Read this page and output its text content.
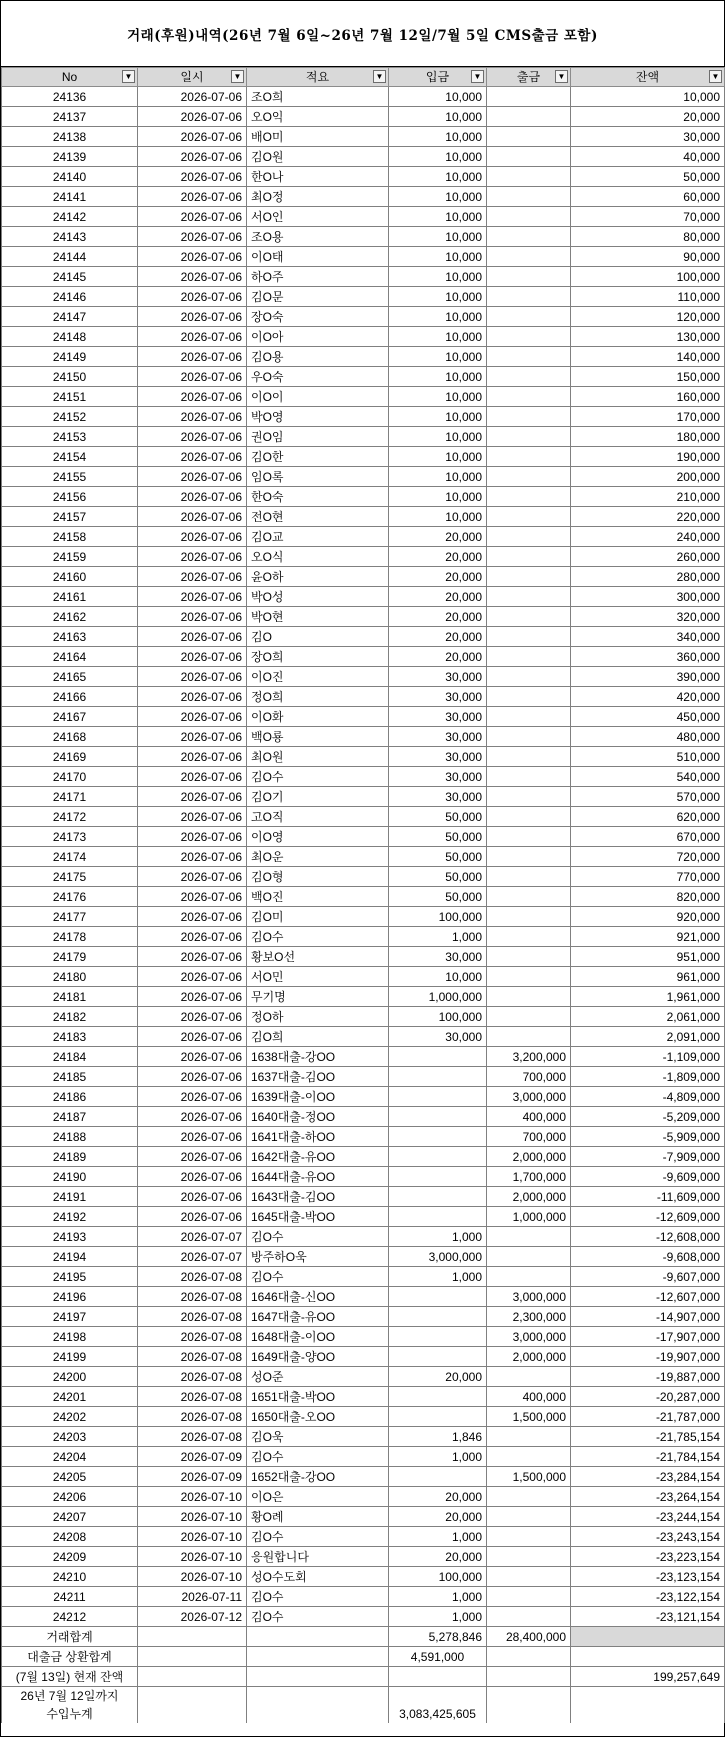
거래(후원)내역(26년 7월 6일~26년 7월 12일/7월 5일 CMS출금 포함)
No ▼	일시 ▼	적요 ▼	입금 ▼	출금 ▼	잔액 ▼

24136	2026-07-06	조O희	10,000		10,000
24137	2026-07-06	오O익	10,000		20,000
24138	2026-07-06	배O미	10,000		30,000
24139	2026-07-06	김O원	10,000		40,000
24140	2026-07-06	한O나	10,000		50,000
24141	2026-07-06	최O정	10,000		60,000
24142	2026-07-06	서O인	10,000		70,000
24143	2026-07-06	조O용	10,000		80,000
24144	2026-07-06	이O태	10,000		90,000
24145	2026-07-06	하O주	10,000		100,000
24146	2026-07-06	김O문	10,000		110,000
24147	2026-07-06	장O숙	10,000		120,000
24148	2026-07-06	이O아	10,000		130,000
24149	2026-07-06	김O용	10,000		140,000
24150	2026-07-06	우O숙	10,000		150,000
24151	2026-07-06	이O이	10,000		160,000
24152	2026-07-06	박O영	10,000		170,000
24153	2026-07-06	권O임	10,000		180,000
24154	2026-07-06	김O한	10,000		190,000
24155	2026-07-06	임O록	10,000		200,000
24156	2026-07-06	한O숙	10,000		210,000
24157	2026-07-06	전O현	10,000		220,000
24158	2026-07-06	김O교	20,000		240,000
24159	2026-07-06	오O식	20,000		260,000
24160	2026-07-06	윤O하	20,000		280,000
24161	2026-07-06	박O성	20,000		300,000
24162	2026-07-06	박O현	20,000		320,000
24163	2026-07-06	김O	20,000		340,000
24164	2026-07-06	장O희	20,000		360,000
24165	2026-07-06	이O진	30,000		390,000
24166	2026-07-06	정O희	30,000		420,000
24167	2026-07-06	이O화	30,000		450,000
24168	2026-07-06	백O룡	30,000		480,000
24169	2026-07-06	최O원	30,000		510,000
24170	2026-07-06	김O수	30,000		540,000
24171	2026-07-06	김O기	30,000		570,000
24172	2026-07-06	고O직	50,000		620,000
24173	2026-07-06	이O영	50,000		670,000
24174	2026-07-06	최O운	50,000		720,000
24175	2026-07-06	김O형	50,000		770,000
24176	2026-07-06	백O진	50,000		820,000
24177	2026-07-06	김O미	100,000		920,000
24178	2026-07-06	김O수	1,000		921,000
24179	2026-07-06	황보O선	30,000		951,000
24180	2026-07-06	서O민	10,000		961,000
24181	2026-07-06	무기명	1,000,000		1,961,000
24182	2026-07-06	정O하	100,000		2,061,000
24183	2026-07-06	김O희	30,000		2,091,000
24184	2026-07-06	1638대출-강OO		3,200,000	-1,109,000
24185	2026-07-06	1637대출-김OO		700,000	-1,809,000
24186	2026-07-06	1639대출-이OO		3,000,000	-4,809,000
24187	2026-07-06	1640대출-정OO		400,000	-5,209,000
24188	2026-07-06	1641대출-하OO		700,000	-5,909,000
24189	2026-07-06	1642대출-유OO		2,000,000	-7,909,000
24190	2026-07-06	1644대출-유OO		1,700,000	-9,609,000
24191	2026-07-06	1643대출-김OO		2,000,000	-11,609,000
24192	2026-07-06	1645대출-박OO		1,000,000	-12,609,000
24193	2026-07-07	김O수	1,000		-12,608,000
24194	2026-07-07	방주하O욱	3,000,000		-9,608,000
24195	2026-07-08	김O수	1,000		-9,607,000
24196	2026-07-08	1646대출-신OO		3,000,000	-12,607,000
24197	2026-07-08	1647대출-유OO		2,300,000	-14,907,000
24198	2026-07-08	1648대출-이OO		3,000,000	-17,907,000
24199	2026-07-08	1649대출-양OO		2,000,000	-19,907,000
24200	2026-07-08	성O준	20,000		-19,887,000
24201	2026-07-08	1651대출-박OO		400,000	-20,287,000
24202	2026-07-08	1650대출-오OO		1,500,000	-21,787,000
24203	2026-07-08	김O욱	1,846		-21,785,154
24204	2026-07-09	김O수	1,000		-21,784,154
24205	2026-07-09	1652대출-강OO		1,500,000	-23,284,154
24206	2026-07-10	이O은	20,000		-23,264,154
24207	2026-07-10	황O례	20,000		-23,244,154
24208	2026-07-10	김O수	1,000		-23,243,154
24209	2026-07-10	응원합니다	20,000		-23,223,154
24210	2026-07-10	성O수도회	100,000		-23,123,154
24211	2026-07-11	김O수	1,000		-23,122,154
24212	2026-07-12	김O수	1,000		-23,121,154
거래합계			5,278,846	28,400,000	
대출금 상환합계			4,591,000		
(7월 13일) 현재 잔액					199,257,649
26년 7월 12일까지
수입누계			3,083,425,605		
